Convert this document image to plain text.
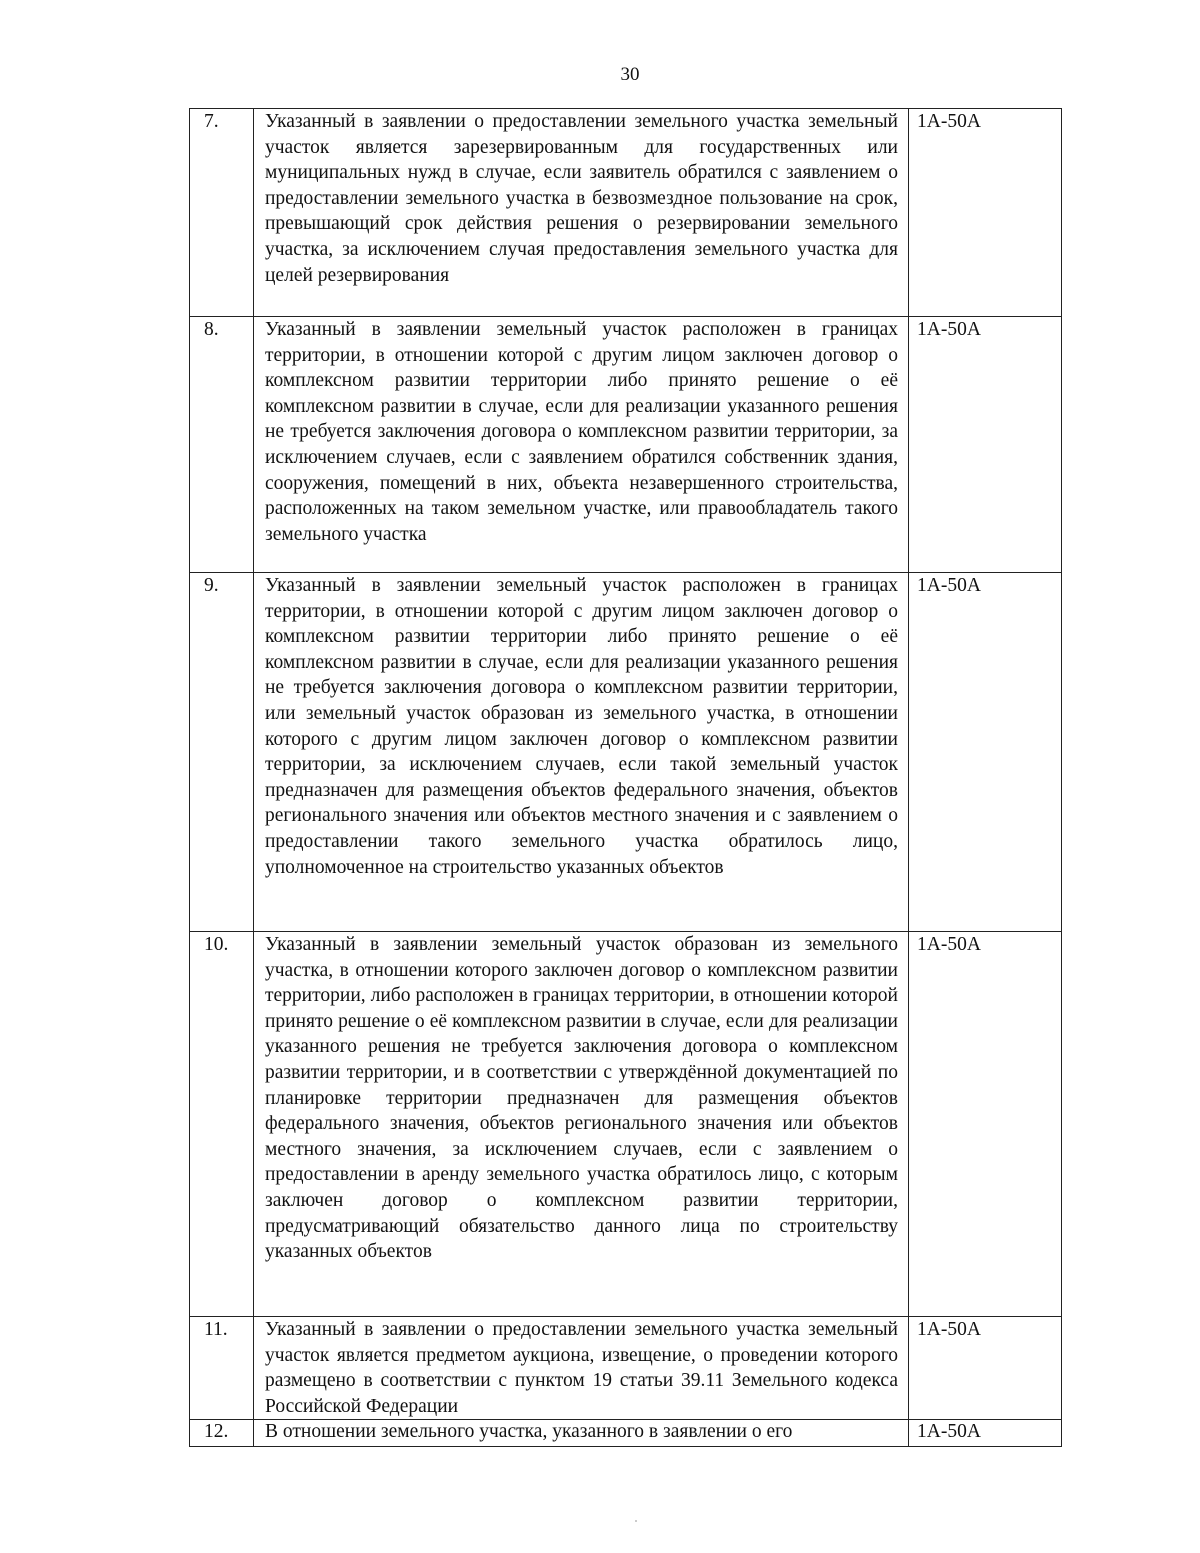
30
7.	Указанный в заявлении о предоставлении земельного участка земельный участок является зарезервированным для государственных или муниципальных нужд в случае, если заявитель обратился с заявлением о предоставлении земельного участка в безвозмездное пользование на срок, превышающий срок действия решения о резервировании земельного участка, за исключением случая предоставления земельного участка для целей резервирования
1А-50А
8.	Указанный в заявлении земельный участок расположен в границах территории, в отношении которой с другим лицом заключен договор о комплексном развитии территории либо принято решение о её комплексном развитии в случае, если для реализации указанного решения не требуется заключения договора о комплексном развитии территории, за исключением случаев, если с заявлением обратился собственник здания, сооружения, помещений в них, объекта незавершенного строительства, расположенных на таком земельном участке, или правообладатель такого земельного участка
1А-50А
9.	Указанный в заявлении земельный участок расположен в границах территории, в отношении которой с другим лицом заключен договор о комплексном развитии территории либо принято решение о её комплексном развитии в случае, если для реализации указанного решения не требуется заключения договора о комплексном развитии территории, или земельный участок образован из земельного участка, в отношении которого с другим лицом заключен договор о комплексном развитии территории, за исключением случаев, если такой земельный участок предназначен для размещения объектов федерального значения, объектов регионального значения или объектов местного значения и с заявлением о предоставлении такого земельного участка обратилось лицо, уполномоченное на строительство указанных объектов
1А-50А
10.	Указанный в заявлении земельный участок образован из земельного участка, в отношении которого заключен договор о комплексном развитии территории, либо расположен в границах территории, в отношении которой принято решение о её комплексном развитии в случае, если для реализации указанного решения не требуется заключения договора о комплексном развитии территории, и в соответствии с утверждённой документацией по планировке территории предназначен для размещения объектов федерального значения, объектов регионального значения или объектов местного значения, за исключением случаев, если с заявлением о предоставлении в аренду земельного участка обратилось лицо, с которым заключен договор о комплексном развитии территории, предусматривающий обязательство данного лица по строительству указанных объектов
1А-50А
11.	Указанный в заявлении о предоставлении земельного участка земельный участок является предметом аукциона, извещение, о проведении которого размещено в соответствии с пунктом 19 статьи 39.11 Земельного кодекса Российской Федерации
1А-50А
12.	В отношении земельного участка, указанного в заявлении о его	1А-50А
